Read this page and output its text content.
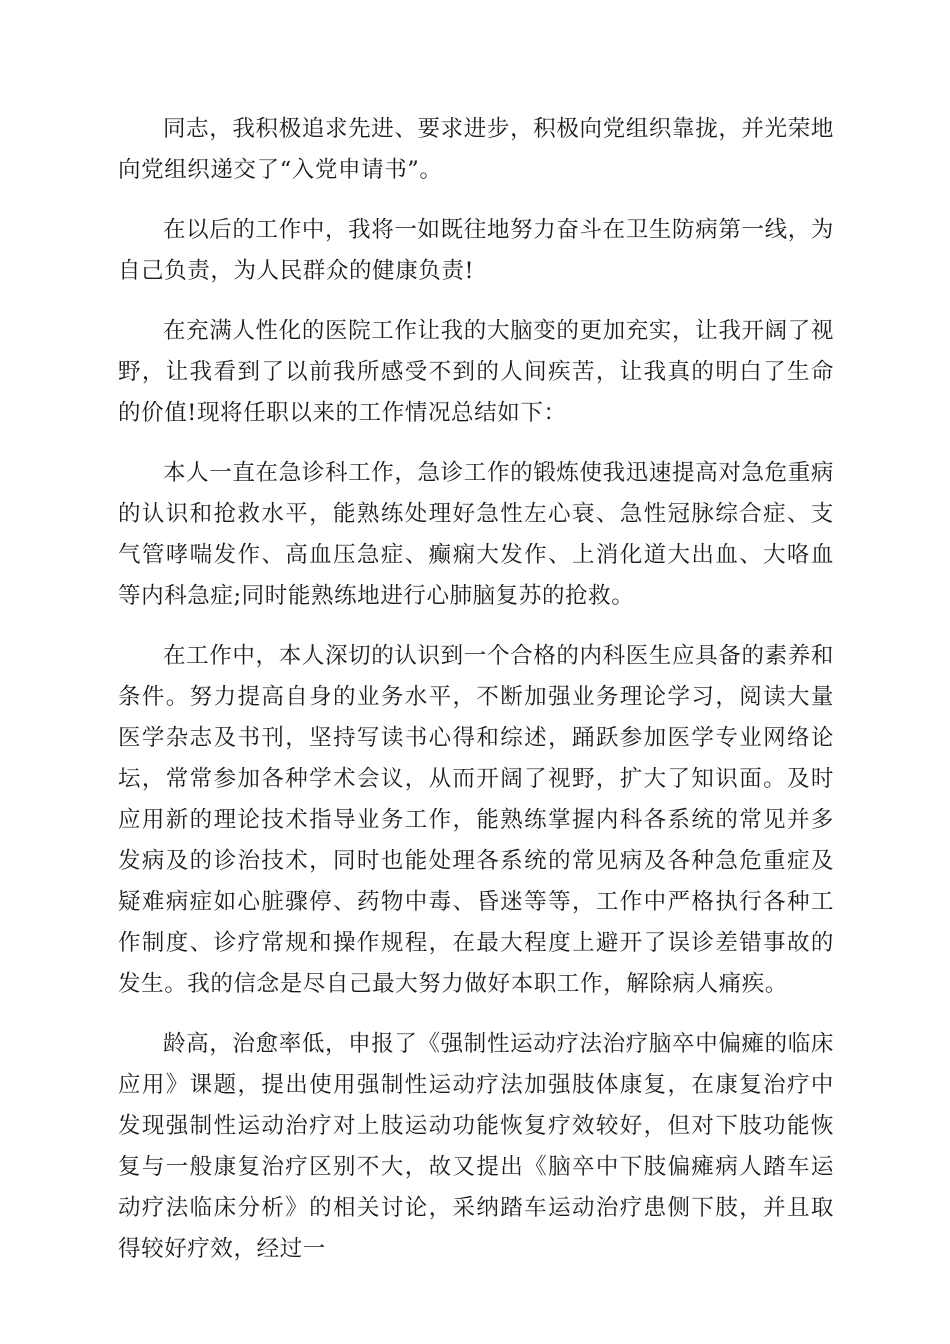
同志，我积极追求先进、要求进步，积极向党组织靠拢，并光荣地向党组织递交了“入党申请书”。

在以后的工作中，我将一如既往地努力奋斗在卫生防病第一线，为自己负责，为人民群众的健康负责!

在充满人性化的医院工作让我的大脑变的更加充实，让我开阔了视野，让我看到了以前我所感受不到的人间疾苦，让我真的明白了生命的价值!现将任职以来的工作情况总结如下：

本人一直在急诊科工作，急诊工作的锻炼使我迅速提高对急危重病的认识和抢救水平，能熟练处理好急性左心衰、急性冠脉综合症、支气管哮喘发作、高血压急症、癫痫大发作、上消化道大出血、大咯血等内科急症;同时能熟练地进行心肺脑复苏的抢救。

在工作中，本人深切的认识到一个合格的内科医生应具备的素养和条件。努力提高自身的业务水平，不断加强业务理论学习，阅读大量医学杂志及书刊，坚持写读书心得和综述，踊跃参加医学专业网络论坛，常常参加各种学术会议，从而开阔了视野，扩大了知识面。及时应用新的理论技术指导业务工作，能熟练掌握内科各系统的常见并多发病及的诊治技术，同时也能处理各系统的常见病及各种急危重症及疑难病症如心脏骤停、药物中毒、昏迷等等，工作中严格执行各种工作制度、诊疗常规和操作规程，在最大程度上避开了误诊差错事故的发生。我的信念是尽自己最大努力做好本职工作，解除病人痛疾。

龄高，治愈率低，申报了《强制性运动疗法治疗脑卒中偏瘫的临床应用》课题，提出使用强制性运动疗法加强肢体康复，在康复治疗中发现强制性运动治疗对上肢运动功能恢复疗效较好，但对下肢功能恢复与一般康复治疗区别不大，故又提出《脑卒中下肢偏瘫病人踏车运动疗法临床分析》的相关讨论，采纳踏车运动治疗患侧下肢，并且取得较好疗效，经过一
